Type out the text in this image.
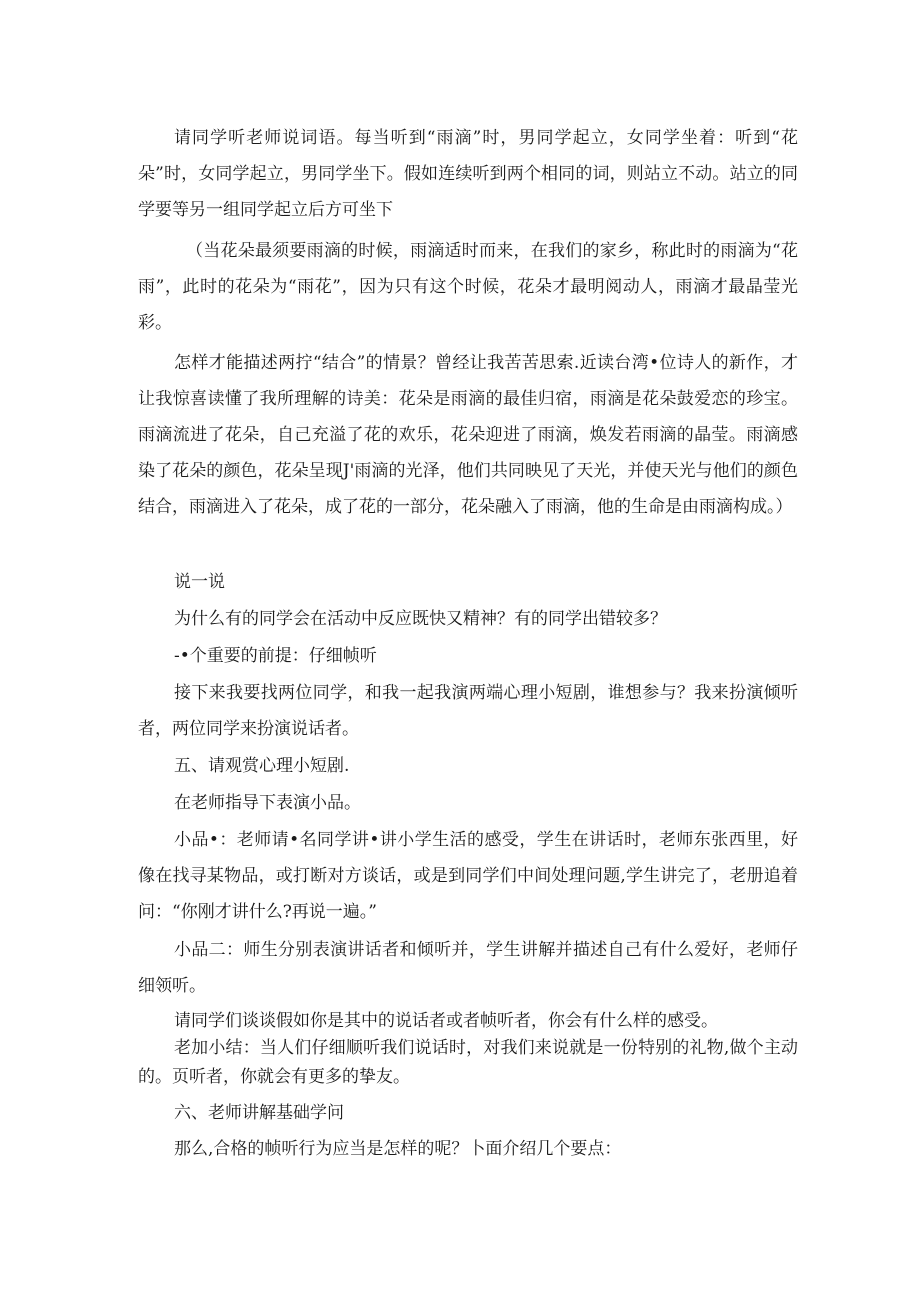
请同学听老师说词语。每当听到“雨滴”时，男同学起立，女同学坐着：听到“花朵”时，女同学起立，男同学坐下。假如连续听到两个相同的词，则站立不动。站立的同学要等另一组同学起立后方可坐下

（当花朵最须要雨滴的时候，雨滴适时而来，在我们的家乡，称此时的雨滴为“花雨”，此时的花朵为“雨花”，因为只有这个时候，花朵才最明阅动人，雨滴才最晶莹光彩。

怎样才能描述两拧“结合”的情景？曾经让我苦苦思索.近读台湾•位诗人的新作，才让我惊喜读懂了我所理解的诗美：花朵是雨滴的最佳归宿，雨滴是花朵鼓爱恋的珍宝。雨滴流进了花朵，自己充溢了花的欢乐，花朵迎进了雨滴，焕发若雨滴的晶莹。雨滴感染了花朵的颜色，花朵呈现J'雨滴的光泽，他们共同映见了天光，并使天光与他们的颜色结合，雨滴进入了花朵，成了花的一部分，花朵融入了雨滴，他的生命是由雨滴构成。）

说一说

为什么有的同学会在活动中反应既快又精神？有的同学出错较多？

-•个重要的前提：仔细帧听

接下来我要找两位同学，和我一起我演两端心理小短剧，谁想参与？我来扮演倾听者，两位同学来扮演说话者。

五、请观赏心理小短剧.

在老师指导下表演小品。

小品•：老师请•名同学讲•讲小学生活的感受，学生在讲话时，老师东张西里，好像在找寻某物品，或打断对方谈话，或是到同学们中间处理问题,学生讲完了，老册追着问：“你刚才讲什么?再说一遍。”

小品二：师生分别表演讲话者和倾听并，学生讲解并描述自己有什么爱好，老师仔细领听。

请同学们谈谈假如你是其中的说话者或者帧听者，你会有什么样的感受。

老加小结：当人们仔细顺听我们说话时，对我们来说就是一份特别的礼物,做个主动的。页听者，你就会有更多的挚友。

六、老师讲解基础学问

那么,合格的帧听行为应当是怎样的呢？卜面介绍几个要点：
